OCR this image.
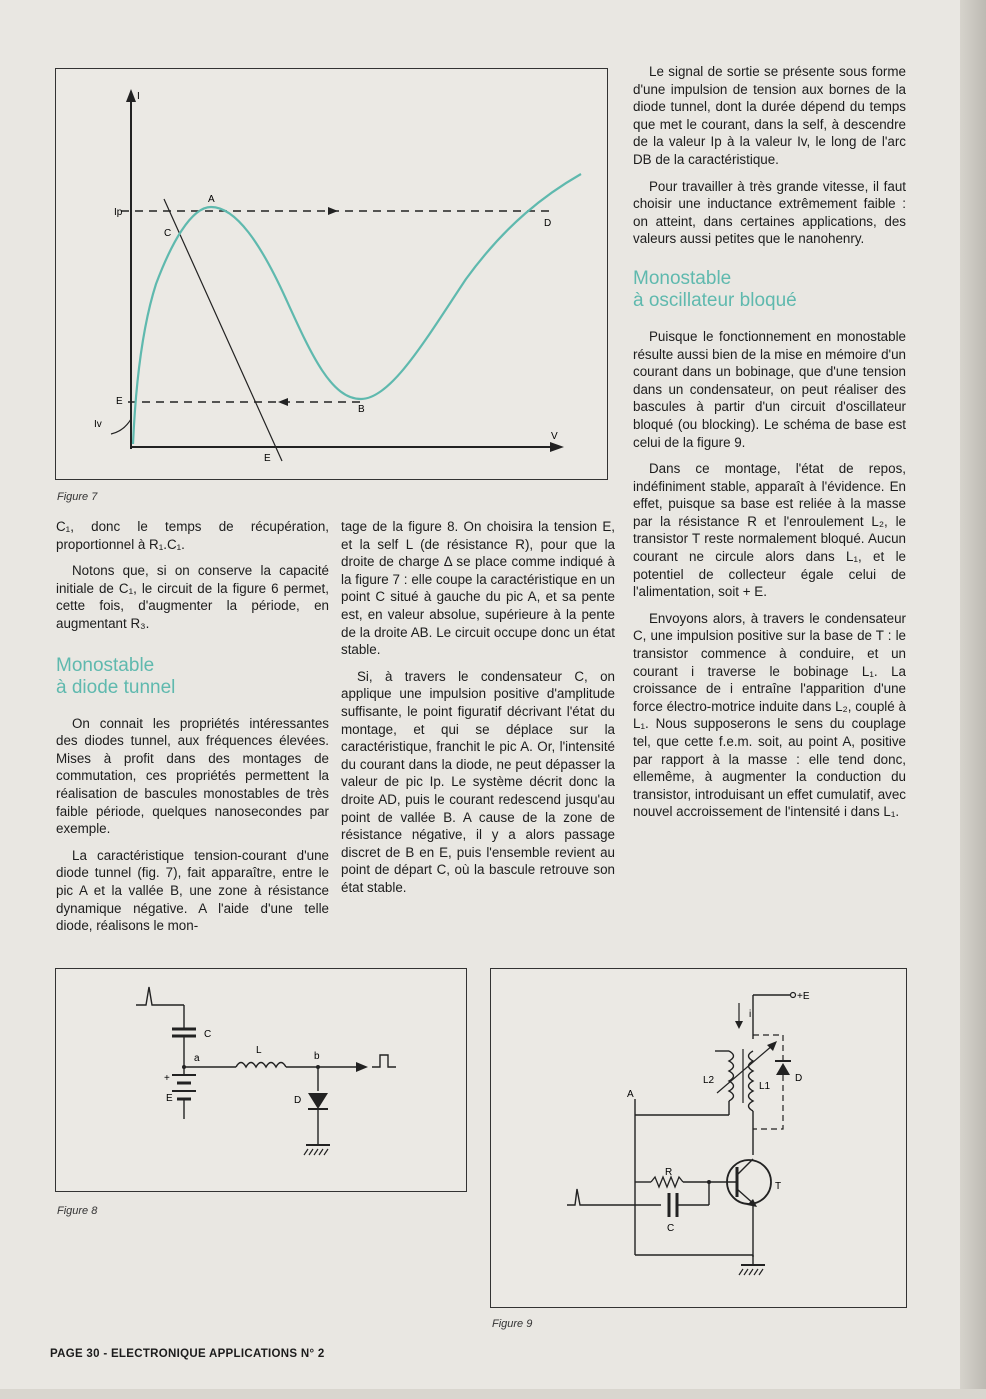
I
V
Ip
Iv
A
B
C
D
E
E
Figure 7

C₁, donc le temps de récupération, proportionnel à R₁.C₁.

Notons que, si on conserve la capacité initiale de C₁, le circuit de la figure 6 permet, cette fois, d'augmenter la période, en augmentant R₃.

Monostable
à diode tunnel

On connait les propriétés intéressantes des diodes tunnel, aux fréquences élevées. Mises à profit dans des montages de commutation, ces propriétés permettent la réalisation de bascules monostables de très faible période, quelques nanosecondes par exemple.

La caractéristique tension-courant d'une diode tunnel (fig. 7), fait apparaître, entre le pic A et la vallée B, une zone à résistance dynamique négative. A l'aide d'une telle diode, réalisons le mon-

tage de la figure 8. On choisira la tension E, et la self L (de résistance R), pour que la droite de charge Δ se place comme indiqué à la figure 7 : elle coupe la caractéristique en un point C situé à gauche du pic A, et sa pente est, en valeur absolue, supérieure à la pente de la droite AB. Le circuit occupe donc un état stable.

Si, à travers le condensateur C, on applique une impulsion positive d'amplitude suffisante, le point figuratif décrivant l'état du montage, et qui se déplace sur la caractéristique, franchit le pic A. Or, l'intensité du courant dans la diode, ne peut dépasser la valeur de pic Ip. Le système décrit donc la droite AD, puis le courant redescend jusqu'au point de vallée B. A cause de la zone de résistance négative, il y a alors passage discret de B en E, puis l'ensemble revient au point de départ C, où la bascule retrouve son état stable.

Le signal de sortie se présente sous forme d'une impulsion de tension aux bornes de la diode tunnel, dont la durée dépend du temps que met le courant, dans la self, à descendre de la valeur Ip à la valeur Iv, le long de l'arc DB de la caractéristique.

Pour travailler à très grande vitesse, il faut choisir une inductance extrêmement faible : on atteint, dans certaines applications, des valeurs aussi petites que le nanohenry.

Monostable
à oscillateur bloqué

Puisque le fonctionnement en monostable résulte aussi bien de la mise en mémoire d'un courant dans un bobinage, que d'une tension dans un condensateur, on peut réaliser des bascules à partir d'un circuit d'oscillateur bloqué (ou blocking). Le schéma de base est celui de la figure 9.

Dans ce montage, l'état de repos, indéfiniment stable, apparaît à l'évidence. En effet, puisque sa base est reliée à la masse par la résistance R et l'enroulement L₂, le transistor T reste normalement bloqué. Aucun courant ne circule alors dans L₁, et le potentiel de collecteur égale celui de l'alimentation, soit + E.

Envoyons alors, à travers le condensateur C, une impulsion positive sur la base de T : le transistor commence à conduire, et un courant i traverse le bobinage L₁. La croissance de i entraîne l'apparition d'une force électro-motrice induite dans L₂, couplé à L₁. Nous supposerons le sens du couplage tel, que cette f.e.m. soit, au point A, positive par rapport à la masse : elle tend donc, ellemême, à augmenter la conduction du transistor, introduisant un effet cumulatif, avec nouvel accroissement de l'intensité i dans L₁.

C
a
L
b
+
E	D
Figure 8
+E
i
L2
L1
D
A
R
C
T
Figure 9
PAGE 30 - ELECTRONIQUE APPLICATIONS N° 2
